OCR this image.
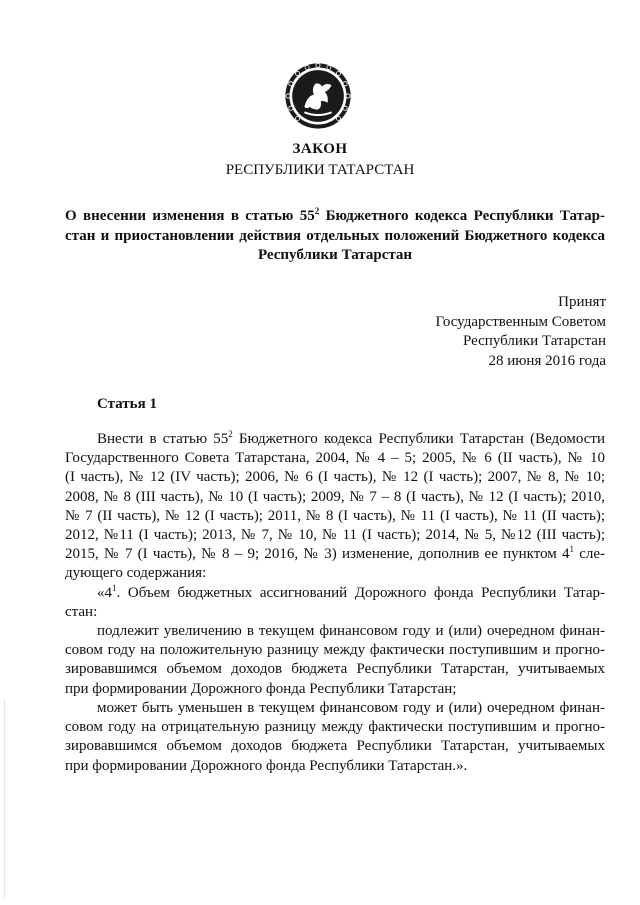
ЗАКОН
РЕСПУБЛИКИ ТАТАРСТАН
О внесении изменения в статью $55^2$ Бюджетного кодекса Республики Татар-
стан и приостановлении действия отдельных положений Бюджетного кодекса
Республики Татарстан
Принят
Государственным Советом
Республики Татарстан
28 июня 2016 года
Статья 1
Внести в статью $55^2$ Бюджетного кодекса Республики Татарстан (Ведомости
Государственного Совета Татарстана, 2004, № 4 – 5; 2005, № 6 (II часть), № 10
(I часть), № 12 (IV часть); 2006, № 6 (I часть), № 12 (I часть); 2007, № 8, № 10;
2008, № 8 (III часть), № 10 (I часть); 2009, № 7 – 8 (I часть), № 12 (I часть); 2010,
№ 7 (II часть), № 12 (I часть); 2011, № 8 (I часть), № 11 (I часть), № 11 (II часть);
2012, №11 (I часть); 2013, № 7, № 10, № 11 (I часть); 2014, № 5, №12 (III часть);
2015, № 7 (I часть), № 8 – 9; 2016, № 3) изменение, дополнив ее пунктом $4^1$ сле-
дующего содержания:
«$4^1$. Объем бюджетных ассигнований Дорожного фонда Республики Татар-
стан:
подлежит увеличению в текущем финансовом году и (или) очередном финан-
совом году на положительную разницу между фактически поступившим и прогно-
зировавшимся объемом доходов бюджета Республики Татарстан, учитываемых
при формировании Дорожного фонда Республики Татарстан;
может быть уменьшен в текущем финансовом году и (или) очередном финан-
совом году на отрицательную разницу между фактически поступившим и прогно-
зировавшимся объемом доходов бюджета Республики Татарстан, учитываемых
при формировании Дорожного фонда Республики Татарстан.».
